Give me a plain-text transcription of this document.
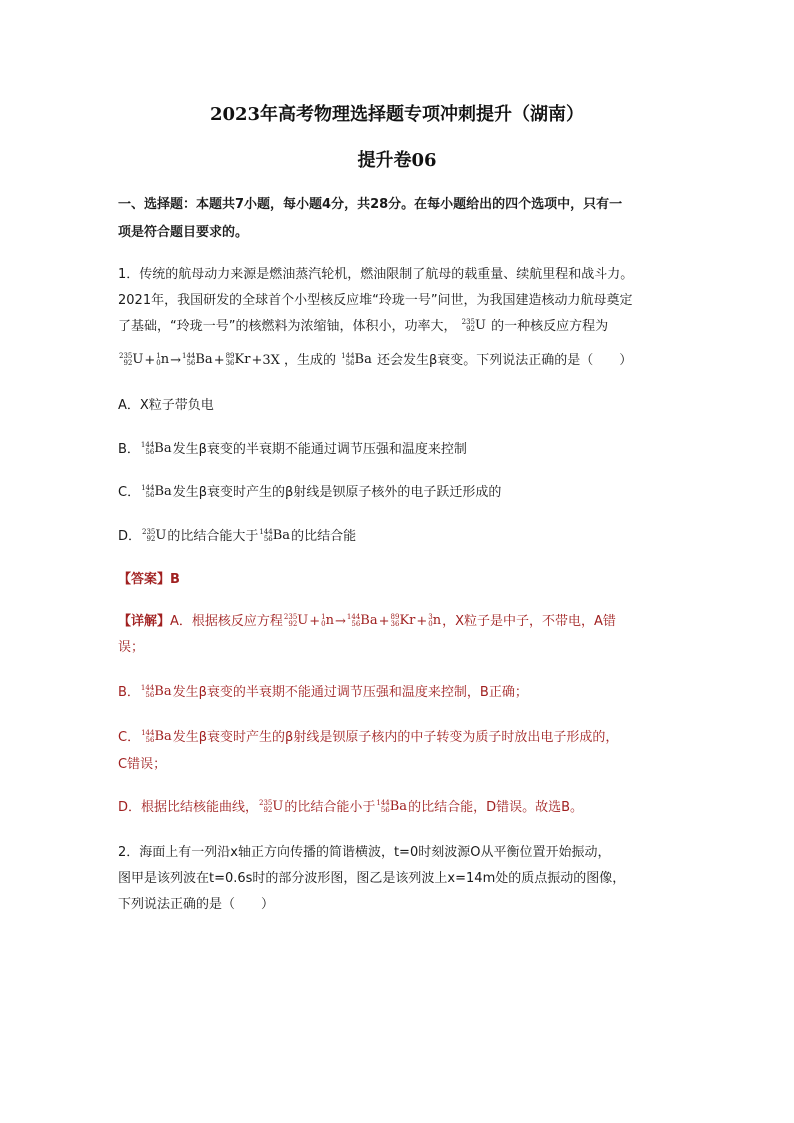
2023年高考物理选择题专项冲刺提升（湖南）
提升卷06
一、选择题：本题共7小题，每小题4分，共28分。在每小题给出的四个选项中，只有一
项是符合题目要求的。
1．传统的航母动力来源是燃油蒸汽轮机，燃油限制了航母的载重量、续航里程和战斗力。
2021年，我国研发的全球首个小型核反应堆“玲珑一号”问世，为我国建造核动力航母奠定
了基础，“玲珑一号”的核燃料为浓缩铀，体积小，功率大， 235
92 U 的一种核反应方程为
235
92 U+ 1
0 n→ 144
56 Ba+ 89
36 Kr+3X ，生成的 144
56 Ba 还会发生β衰变。下列说法正确的是（　　）
A．X粒子带负电
B． 144
56 Ba发生β衰变的半衰期不能通过调节压强和温度来控制
C． 144
56 Ba发生β衰变时产生的β射线是钡原子核外的电子跃迁形成的
D． 235
92 U的比结合能大于 144
56 Ba的比结合能
【答案】B
【详解】A．根据核反应方程 235
92 U+ 1
0 n→ 144
56 Ba+ 89
36 Kr+ 3
0 n，X粒子是中子，不带电，A错
误；
B． 144
56 Ba发生β衰变的半衰期不能通过调节压强和温度来控制，B正确；
C． 144
56 Ba发生β衰变时产生的β射线是钡原子核内的中子转变为质子时放出电子形成的，
C错误；
D．根据比结核能曲线， 235
92 U的比结合能小于 144
56 Ba的比结合能，D错误。故选B。
2．海面上有一列沿x轴正方向传播的简谐横波，t=0时刻波源O从平衡位置开始振动，
图甲是该列波在t=0.6s时的部分波形图，图乙是该列波上x=14m处的质点振动的图像，
下列说法正确的是（　　）
